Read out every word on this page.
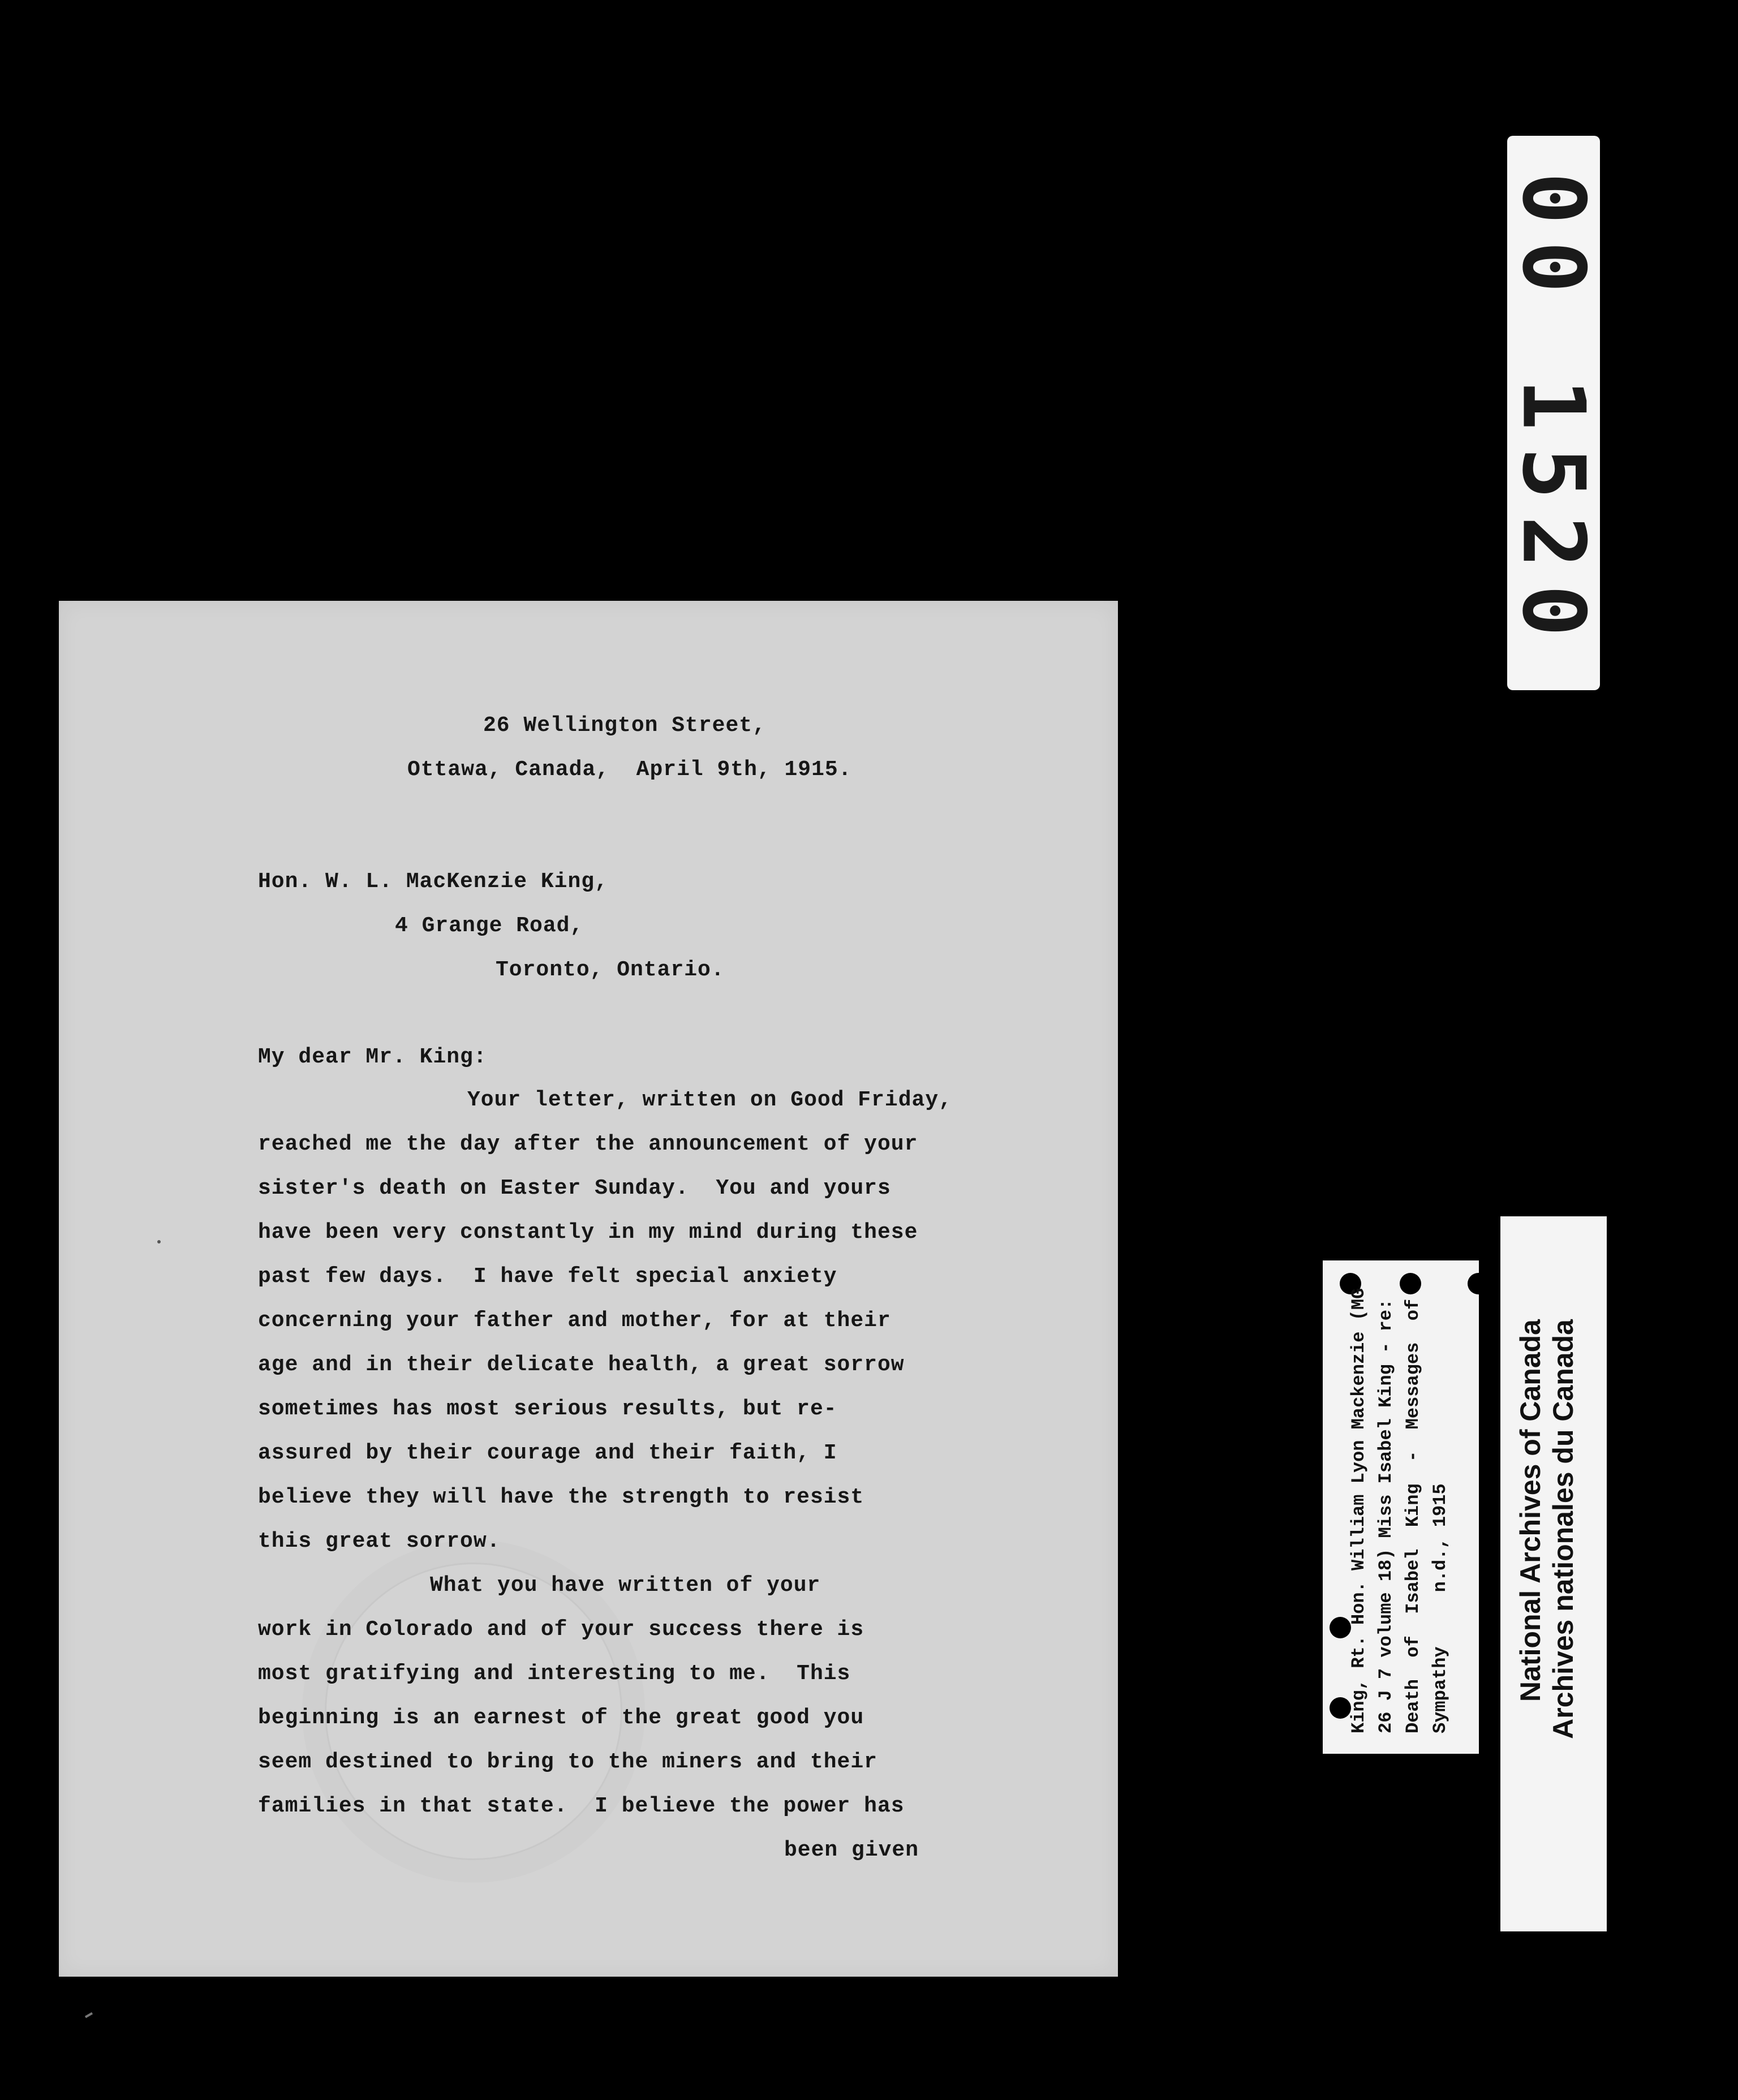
26 Wellington Street,
Ottawa, Canada,  April 9th, 1915.
Hon. W. L. MacKenzie King,
4 Grange Road,
Toronto, Ontario.
My dear Mr. King:
Your letter, written on Good Friday,
reached me the day after the announcement of your
sister's death on Easter Sunday.  You and yours
have been very constantly in my mind during these
past few days.  I have felt special anxiety
concerning your father and mother, for at their
age and in their delicate health, a great sorrow
sometimes has most serious results, but re-
assured by their courage and their faith, I
believe they will have the strength to resist
this great sorrow.
What you have written of your
work in Colorado and of your success there is
most gratifying and interesting to me.  This
beginning is an earnest of the great good you
seem destined to bring to the miners and their
families in that state.  I believe the power has
been given
00 1520
King, Rt. Hon. William Lyon Mackenzie (MG 26 J 7 volume 18) Miss Isabel King - re: Death  of  Isabel  King  -  Messages  of Sympathy     n.d., 1915 National Archives of Canada Archives nationales du Canada
